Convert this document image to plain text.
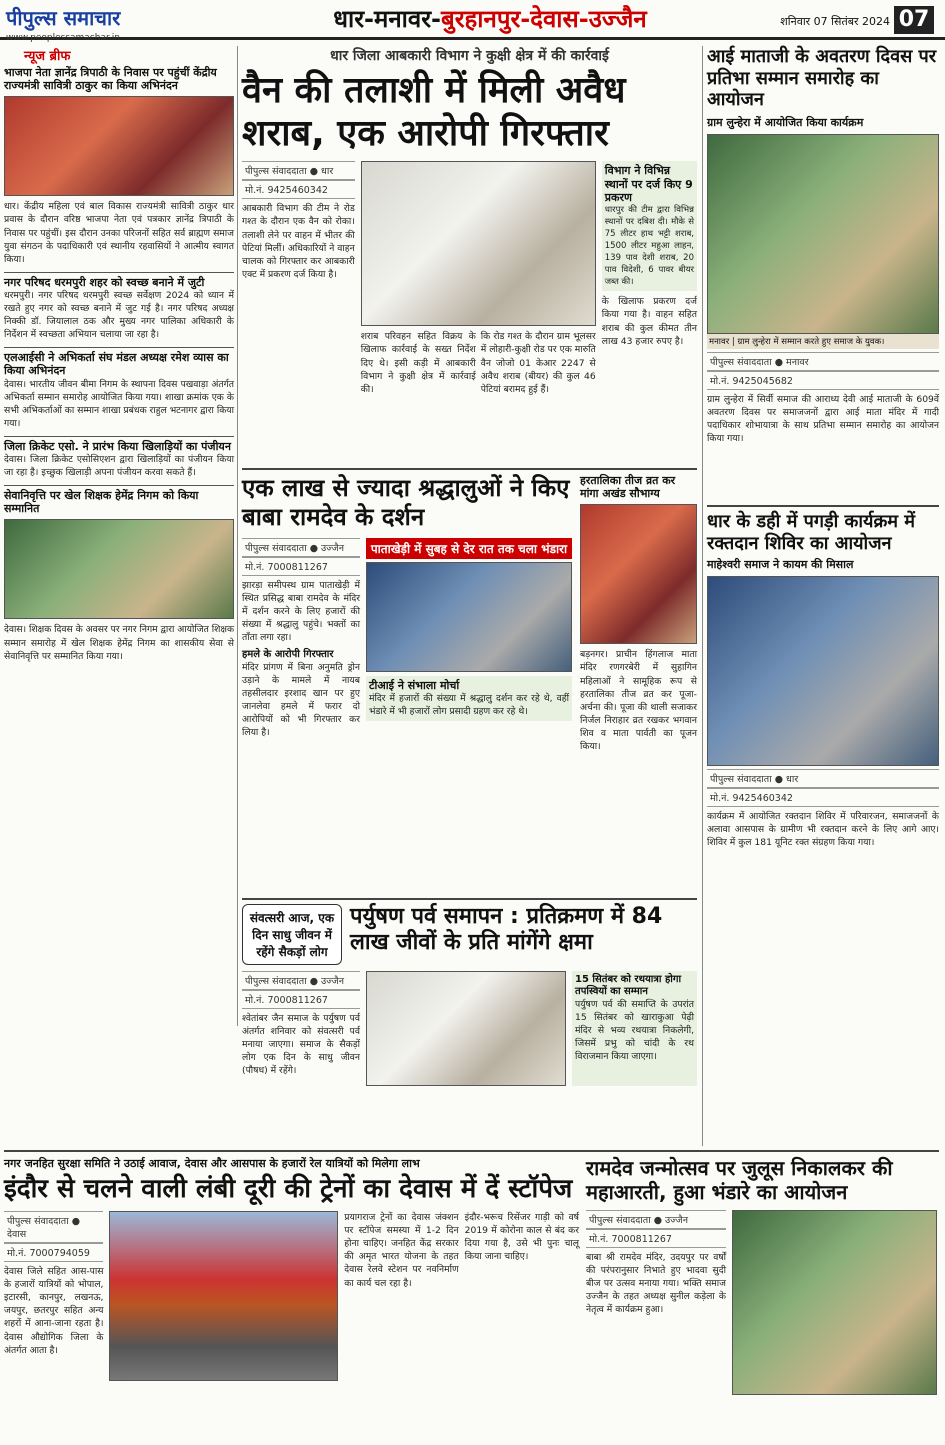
पीपुल्स समाचार
www.peoplessamachar.in
धार-मनावर-बुरहानपुर-देवास-उज्जैन	शनिवार 07 सितंबर 2024 07
न्यूज ब्रीफ
भाजपा नेता ज्ञानेंद्र त्रिपाठी के निवास पर पहुंचीं केंद्रीय राज्यमंत्री सावित्री ठाकुर का किया अभिनंदन
धार। केंद्रीय महिला एवं बाल विकास राज्यमंत्री सावित्री ठाकुर धार प्रवास के दौरान वरिष्ठ भाजपा नेता एवं पत्रकार ज्ञानेंद्र त्रिपाठी के निवास पर पहुंचीं। इस दौरान उनका परिजनों सहित सर्व ब्राह्मण समाज युवा संगठन के पदाधिकारी एवं स्थानीय रहवासियों ने आत्मीय स्वागत किया।
नगर परिषद धरमपुरी शहर को स्वच्छ बनाने में जुटी
धरमपुरी। नगर परिषद धरमपुरी स्वच्छ सर्वेक्षण 2024 को ध्यान में रखते हुए नगर को स्वच्छ बनाने में जुट गई है। नगर परिषद अध्यक्ष निक्की डॉ. जियालाल ठक और मुख्य नगर पालिका अधिकारी के निर्देशन में स्वच्छता अभियान चलाया जा रहा है।
एलआईसी ने अभिकर्ता संघ मंडल अध्यक्ष रमेश व्यास का किया अभिनंदन
देवास। भारतीय जीवन बीमा निगम के स्थापना दिवस पखवाड़ा अंतर्गत अभिकर्ता सम्मान समारोह आयोजित किया गया। शाखा क्रमांक एक के सभी अभिकर्ताओं का सम्मान शाखा प्रबंधक राहुल भटनागर द्वारा किया गया।
जिला क्रिकेट एसो. ने प्रारंभ किया खिलाड़ियों का पंजीयन
देवास। जिला क्रिकेट एसोसिएशन द्वारा खिलाड़ियों का पंजीयन किया जा रहा है। इच्छुक खिलाड़ी अपना पंजीयन करवा सकते हैं।
सेवानिवृत्ति पर खेल शिक्षक हेमेंद्र निगम को किया सम्मानित
देवास। शिक्षक दिवस के अवसर पर नगर निगम द्वारा आयोजित शिक्षक सम्मान समारोह में खेल शिक्षक हेमेंद्र निगम का शासकीय सेवा से सेवानिवृत्ति पर सम्मानित किया गया।
धार जिला आबकारी विभाग ने कुक्षी क्षेत्र में की कार्रवाई
वैन की तलाशी में मिली अवैध शराब, एक आरोपी गिरफ्तार
पीपुल्स संवाददाता ● धार
मो.नं. 9425460342
आबकारी विभाग की टीम ने रोड गश्त के दौरान एक वैन को रोका। तलाशी लेने पर वाहन में भीतर की पेटियां मिलीं। अधिकारियों ने वाहन चालक को गिरफ्तार कर आबकारी एक्ट में प्रकरण दर्ज किया है।
शराब परिवहन सहित विक्रय के खिलाफ कार्रवाई के सख्त निर्देश दिए थे। इसी कड़ी में आबकारी विभाग ने कुक्षी क्षेत्र में कार्रवाई की।
कि रोड गश्त के दौरान ग्राम भूलसर में लोहारी-कुक्षी रोड पर एक मारुति वैन जोजो 01 केआर 2247 से अवैध शराब (बीयर) की कुल 46 पेटियां बरामद हुई हैं।
विभाग ने विभिन्न स्थानों पर दर्ज किए 9 प्रकरण
धारपुर की टीम द्वारा विभिन्न स्थानों पर दबिश दी। मौके से 75 लीटर हाथ भट्टी शराब, 1500 लीटर महुआ लाहन, 139 पाव देशी शराब, 20 पाव विदेशी, 6 पावर बीयर जब्त की।
के खिलाफ प्रकरण दर्ज किया गया है। वाहन सहित शराब की कुल कीमत तीन लाख 43 हजार रुपए है।
एक लाख से ज्यादा श्रद्धालुओं ने किए बाबा रामदेव के दर्शन
पीपुल्स संवाददाता ● उज्जैन
मो.नं. 7000811267
झारड़ा समीपस्थ ग्राम पाताखेड़ी में स्थित प्रसिद्ध बाबा रामदेव के मंदिर में दर्शन करने के लिए हजारों की संख्या में श्रद्धालु पहुंचे। भक्तों का ताँता लगा रहा।
हमले के आरोपी गिरफ्तार
मंदिर प्रांगण में बिना अनुमति ड्रोन उड़ाने के मामले में नायब तहसीलदार इरशाद खान पर हुए जानलेवा हमले में फरार दो आरोपियों को भी गिरफ्तार कर लिया है।
पाताखेड़ी में सुबह से देर रात तक चला भंडारा
टीआई ने संभाला मोर्चा
मंदिर में हजारों की संख्या में श्रद्धालु दर्शन कर रहे थे, वहीं भंडारे में भी हजारों लोग प्रसादी ग्रहण कर रहे थे।
हरतालिका तीज व्रत कर मांगा अखंड सौभाग्य
बड़नगर। प्राचीन हिंगलाज माता मंदिर रणगरबेरी में सुहागिन महिलाओं ने सामूहिक रूप से हरतालिका तीज व्रत कर पूजा-अर्चना की। पूजा की थाली सजाकर निर्जल निराहार व्रत रखकर भगवान शिव व माता पार्वती का पूजन किया।
संवत्सरी आज, एक दिन साधु जीवन में रहेंगे सैकड़ों लोग
पर्युषण पर्व समापन : प्रतिक्रमण में 84 लाख जीवों के प्रति मांगेंगे क्षमा
पीपुल्स संवाददाता ● उज्जैन
मो.नं. 7000811267
श्वेतांबर जैन समाज के पर्युषण पर्व अंतर्गत शनिवार को संवत्सरी पर्व मनाया जाएगा। समाज के सैकड़ों लोग एक दिन के साधु जीवन (पौषध) में रहेंगे।
15 सितंबर को रथयात्रा होगा तपस्वियों का सम्मान
पर्युषण पर्व की समाप्ति के उपरांत 15 सितंबर को खाराकुआ पेढ़ी मंदिर से भव्य रथयात्रा निकलेगी, जिसमें प्रभु को चांदी के रथ विराजमान किया जाएगा।
आई माताजी के अवतरण दिवस पर प्रतिभा सम्मान समारोह का आयोजन
ग्राम लुन्हेरा में आयोजित किया कार्यक्रम
मनावर | ग्राम लुन्हेरा में सम्मान करते हुए समाज के युवक।
पीपुल्स संवाददाता ● मनावर
मो.नं. 9425045682
ग्राम लुन्हेरा में सिर्वी समाज की आराध्य देवी आई माताजी के 609वें अवतरण दिवस पर समाजजनों द्वारा आई माता मंदिर में गादी पदाधिकार शोभायात्रा के साथ प्रतिभा सम्मान समारोह का आयोजन किया गया।
धार के डही में पगड़ी कार्यक्रम में रक्तदान शिविर का आयोजन
माहेश्वरी समाज ने कायम की मिसाल
पीपुल्स संवाददाता ● धार
मो.नं. 9425460342
कार्यक्रम में आयोजित रक्तदान शिविर में परिवारजन, समाजजनों के अलावा आसपास के ग्रामीण भी रक्तदान करने के लिए आगे आए। शिविर में कुल 181 यूनिट रक्त संग्रहण किया गया।
नगर जनहित सुरक्षा समिति ने उठाई आवाज, देवास और आसपास के हजारों रेल यात्रियों को मिलेगा लाभ
इंदौर से चलने वाली लंबी दूरी की ट्रेनों का देवास में दें स्टॉपेज
पीपुल्स संवाददाता ● देवास
मो.नं. 7000794059
देवास जिले सहित आस-पास के हजारों यात्रियों को भोपाल, इटारसी, कानपुर, लखनऊ, जयपुर, छतरपुर सहित अन्य शहरों में आना-जाना रहता है। देवास औद्योगिक जिला के अंतर्गत आता है।
प्रयागराज ट्रेनों का देवास जंक्शन पर स्टॉपेज समस्या में 1-2 दिन होना चाहिए। जनहित केंद्र सरकार की अमृत भारत योजना के तहत देवास रेलवे स्टेशन पर नवनिर्माण का कार्य चल रहा है।
इंदौर-भरूच रिसेंजर गाड़ी को वर्ष 2019 में कोरोना काल से बंद कर दिया गया है, उसे भी पुनः चालू किया जाना चाहिए।
रामदेव जन्मोत्सव पर जुलूस निकालकर की महाआरती, हुआ भंडारे का आयोजन
पीपुल्स संवाददाता ● उज्जैन
मो.नं. 7000811267
बाबा श्री रामदेव मंदिर, उदयपुर पर वर्षों की परंपरानुसार निभाते हुए भादवा सुदी बीज पर उत्सव मनाया गया। भक्ति समाज उज्जैन के तहत अध्यक्ष सुनील कड़ेला के नेतृत्व में कार्यक्रम हुआ।
